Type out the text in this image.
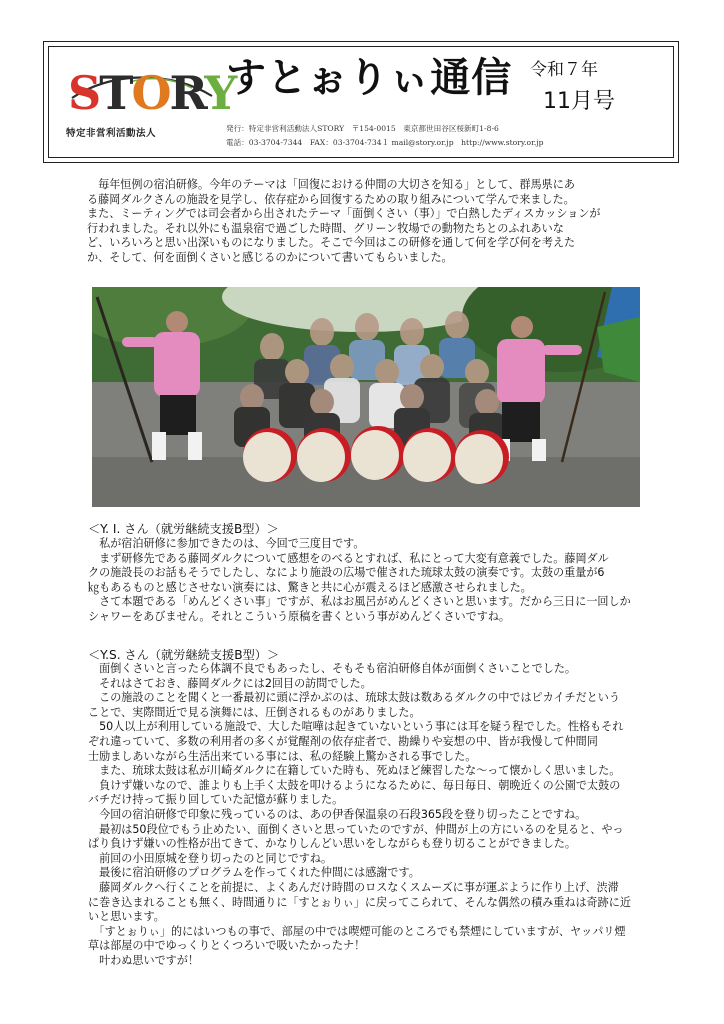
STORY
特定非営利活動法人
すとぉりぃ通信 令和７年
11月号
発行：特定非営利活動法人STORY　〒154-0015　東京都世田谷区桜新町1-8-6
電話：03-3704-7344　FAX：03-3704-734１ mail@story.or.jp　http://www.story.or.jp
　毎年恒例の宿泊研修。今年のテーマは「回復における仲間の大切さを知る」として、群馬県にあ
る藤岡ダルクさんの施設を見学し、依存症から回復するための取り組みについて学んで来ました。
また、ミーティングでは司会者から出されたテーマ「面倒くさい（事）」で白熱したディスカッションが
行われました。それ以外にも温泉宿で過ごした時間、グリーン牧場での動物たちとのふれあいな
ど、いろいろと思い出深いものになりました。そこで今回はこの研修を通して何を学び何を考えた
か、そして、何を面倒くさいと感じるのかについて書いてもらいました。
＜Y. I. さん（就労継続支援B型）＞
　私が宿泊研修に参加できたのは、今回で三度目です。
　まず研修先である藤岡ダルクについて感想をのべるとすれば、私にとって大変有意義でした。藤岡ダル
クの施設長のお話もそうでしたし、なにより施設の広場で催された琉球太鼓の演奏です。太鼓の重量が6
㎏もあるものと感じさせない演奏には、驚きと共に心が震えるほど感激させられました。
　さて本題である「めんどくさい事」ですが、私はお風呂がめんどくさいと思います。だから三日に一回しか
シャワーをあびません。それとこういう原稿を書くという事がめんどくさいですね。
＜Y.S. さん（就労継続支援B型）＞
　面倒くさいと言ったら体調不良でもあったし、そもそも宿泊研修自体が面倒くさいことでした。
　それはさておき、藤岡ダルクには2回目の訪問でした。
　この施設のことを聞くと一番最初に頭に浮かぶのは、琉球太鼓は数あるダルクの中ではピカイチだという
ことで、実際間近で見る演舞には、圧倒されるものがありました。
　50人以上が利用している施設で、大した喧嘩は起きていないという事には耳を疑う程でした。性格もそれ
ぞれ違っていて、多数の利用者の多くが覚醒剤の依存症者で、勘繰りや妄想の中、皆が我慢して仲間同
士励ましあいながら生活出来ている事には、私の経験上驚かされる事でした。
　また、琉球太鼓は私が川崎ダルクに在籍していた時も、死ぬほど練習したな～って懐かしく思いました。
　負けず嫌いなので、誰よりも上手く太鼓を叩けるようになるために、毎日毎日、朝晩近くの公園で太鼓の
バチだけ持って振り回していた記憶が蘇りました。
　今回の宿泊研修で印象に残っているのは、あの伊香保温泉の石段365段を登り切ったことですね。
　最初は50段位でもう止めたい、面倒くさいと思っていたのですが、仲間が上の方にいるのを見ると、やっ
ぱり負けず嫌いの性格が出てきて、かなりしんどい思いをしながらも登り切ることができました。
　前回の小田原城を登り切ったのと同じですね。
　最後に宿泊研修のプログラムを作ってくれた仲間には感謝です。
　藤岡ダルクへ行くことを前提に、よくあんだけ時間のロスなくスムーズに事が運ぶように作り上げ、渋滞
に巻き込まれることも無く、時間通りに「すとぉりぃ」に戻ってこられて、そんな偶然の積み重ねは奇跡に近
いと思います。
　「すとぉりぃ」的にはいつもの事で、部屋の中では喫煙可能のところでも禁煙にしていますが、ヤッパリ煙
草は部屋の中でゆっくりとくつろいで吸いたかったナ！
　叶わぬ思いですが！
